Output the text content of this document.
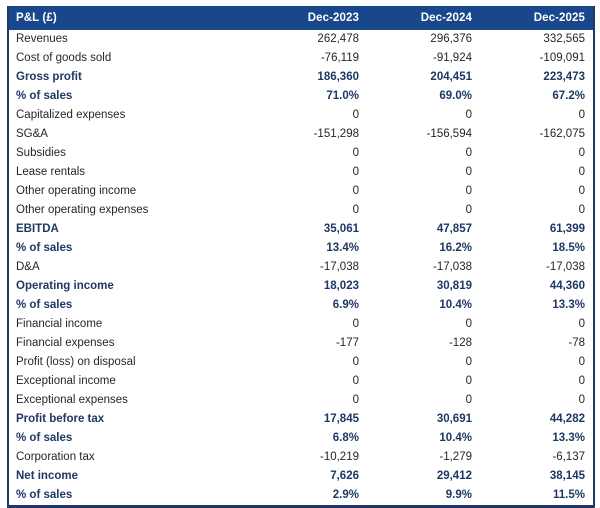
P&L (£)	Dec-2023	Dec-2024	Dec-2025
Revenues	262,478	296,376	332,565
Cost of goods sold	-76,119	-91,924	-109,091
Gross profit	186,360	204,451	223,473
% of sales	71.0%	69.0%	67.2%
Capitalized expenses	0	0	0
SG&A	-151,298	-156,594	-162,075
Subsidies	0	0	0
Lease rentals	0	0	0
Other operating income	0	0	0
Other operating expenses	0	0	0
EBITDA	35,061	47,857	61,399
% of sales	13.4%	16.2%	18.5%
D&A	-17,038	-17,038	-17,038
Operating income	18,023	30,819	44,360
% of sales	6.9%	10.4%	13.3%
Financial income	0	0	0
Financial expenses	-177	-128	-78
Profit (loss) on disposal	0	0	0
Exceptional income	0	0	0
Exceptional expenses	0	0	0
Profit before tax	17,845	30,691	44,282
% of sales	6.8%	10.4%	13.3%
Corporation tax	-10,219	-1,279	-6,137
Net income	7,626	29,412	38,145
% of sales	2.9%	9.9%	11.5%
